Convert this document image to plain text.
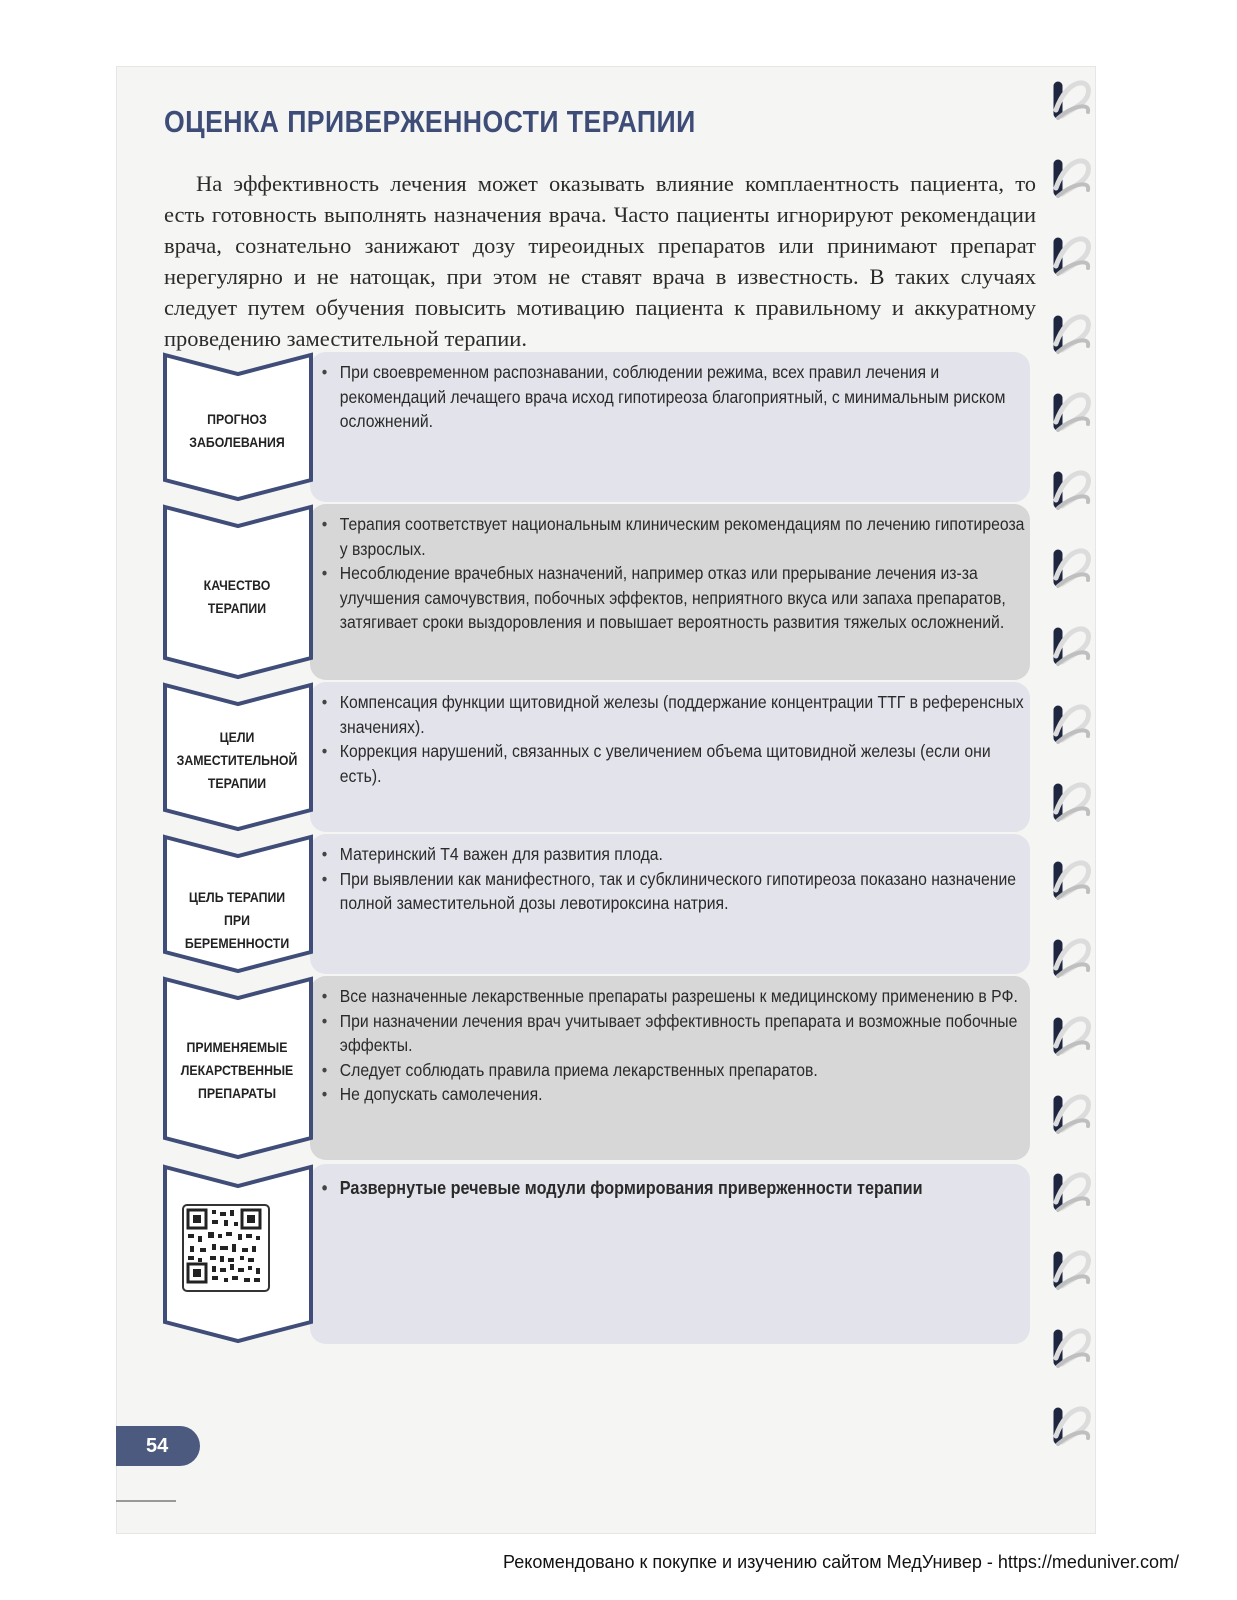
ОЦЕНКА ПРИВЕРЖЕННОСТИ ТЕРАПИИ

На эффективность лечения может оказывать влияние комплаентность пациента, то есть готовность выполнять назначения врача. Часто пациенты игнорируют рекомендации врача, сознательно занижают дозу тиреоидных препаратов или принимают препарат нерегулярно и не натощак, при этом не ставят врача в известность. В таких случаях следует путем обучения повысить мотивацию пациента к правильному и аккуратному проведению заместительной терапии.

ПРОГНОЗ
ЗАБОЛЕВАНИЯ
• При своевременном распознавании, соблюдении режима, всех правил лечения и рекомендаций лечащего врача исход гипотиреоза благоприятный, с минимальным риском осложнений.
КАЧЕСТВО
ТЕРАПИИ
• Терапия соответствует национальным клиническим рекомендациям по лечению гипотиреоза у взрослых.
• Несоблюдение врачебных назначений, например отказ или прерывание лечения из-за улучшения самочувствия, побочных эффектов, неприятного вкуса или запаха препаратов, затягивает сроки выздоровления и повышает вероятность развития тяжелых осложнений.
ЦЕЛИ
ЗАМЕСТИТЕЛЬНОЙ
ТЕРАПИИ
• Компенсация функции щитовидной железы (поддержание концентрации ТТГ в референсных значениях).
• Коррекция нарушений, связанных с увеличением объема щитовидной железы (если они есть).
ЦЕЛЬ ТЕРАПИИ
ПРИ БЕРЕМЕННОСТИ
• Материнский Т4 важен для развития плода.
• При выявлении как манифестного, так и субклинического гипотиреоза показано назначение полной заместительной дозы левотироксина натрия.
ПРИМЕНЯЕМЫЕ
ЛЕКАРСТВЕННЫЕ
ПРЕПАРАТЫ
• Все назначенные лекарственные препараты разрешены к медицинскому применению в РФ.
• При назначении лечения врач учитывает эффективность препарата и возможные побочные эффекты.
• Следует соблюдать правила приема лекарственных препаратов.
• Не допускать самолечения.
• Развернутые речевые модули формирования приверженности терапии
54
Рекомендовано к покупке и изучению сайтом МедУнивер - https://meduniver.com/
